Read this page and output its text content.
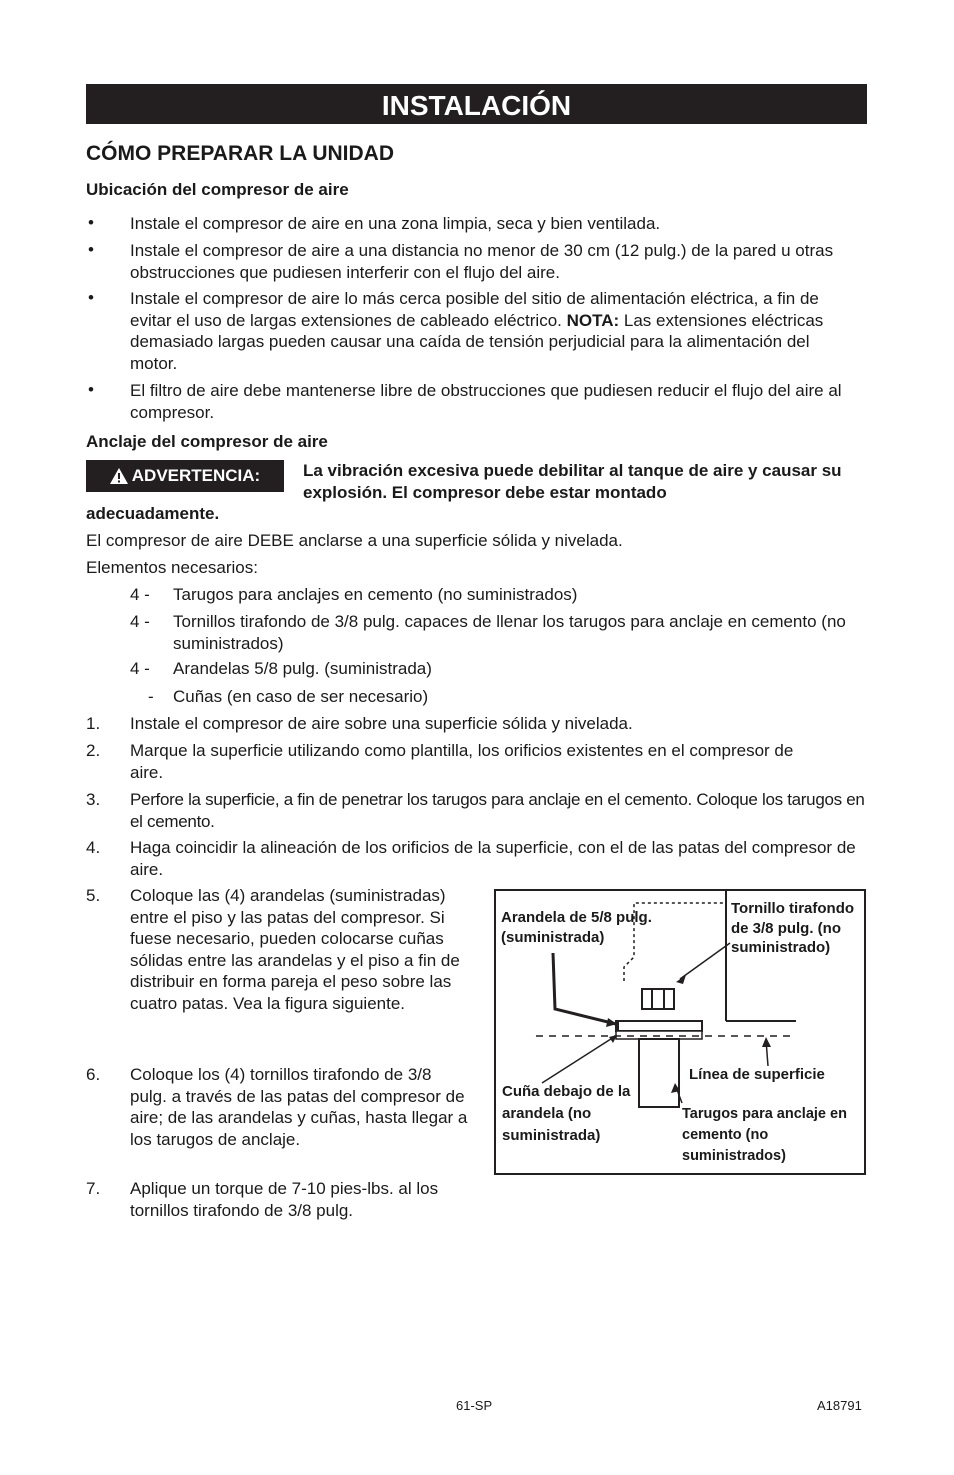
INSTALACIÓN
CÓMO PREPARAR LA UNIDAD
Ubicación del compresor de aire
• Instale el compresor de aire en una zona limpia, seca y bien ventilada.
• Instale el compresor de aire a una distancia no menor de 30 cm (12 pulg.) de la pared u otras obstrucciones que pudiesen interferir con el flujo del aire.
• Instale el compresor de aire lo más cerca posible del sitio de alimentación eléctrica, a fin de evitar el uso de largas extensiones de cableado eléctrico. NOTA: Las extensiones eléctricas demasiado largas pueden causar una caída de tensión perjudicial para la alimentación del motor.
• El filtro de aire debe mantenerse libre de obstrucciones que pudiesen reducir el flujo del aire al compresor.
Anclaje del compresor de aire
ADVERTENCIA:	La vibración excesiva puede debilitar al tanque de aire y causar su explosión. El compresor debe estar montado
adecuadamente.
El compresor de aire DEBE anclarse a una superficie sólida y nivelada.
Elementos necesarios:
4 - Tarugos para anclajes en cemento (no suministrados)
4 - Tornillos tirafondo de 3/8 pulg. capaces de llenar los tarugos para anclaje en cemento (no suministrados)
4 - Arandelas 5/8 pulg. (suministrada)
- Cuñas (en caso de ser necesario)
1. Instale el compresor de aire sobre una superficie sólida y nivelada.
2. Marque la superficie utilizando como plantilla, los orificios existentes en el compresor de aire.
3. Perfore la superficie, a fin de penetrar los tarugos para anclaje en el cemento. Coloque los tarugos en el cemento.
4. Haga coincidir la alineación de los orificios de la superficie, con el de las patas del compresor de aire.
5. Coloque las (4) arandelas (suministradas) entre el piso y las patas del compresor. Si fuese necesario, pueden colocarse cuñas sólidas entre las arandelas y el piso a fin de distribuir en forma pareja el peso sobre las cuatro patas. Vea la figura siguiente.
6. Coloque los (4) tornillos tirafondo de 3/8 pulg. a través de las patas del compresor de aire; de las arandelas y cuñas, hasta llegar a los tarugos de anclaje.
7. Aplique un torque de 7-10 pies-lbs. al los tornillos tirafondo de 3/8 pulg.
Arandela de 5/8 pulg. (suministrada)
Tornillo tirafondo de 3/8 pulg. (no suministrado)
Línea de superficie
Cuña debajo de la arandela (no suministrada)
Tarugos para anclaje en cemento (no suministrados)
61-SP	A18791
